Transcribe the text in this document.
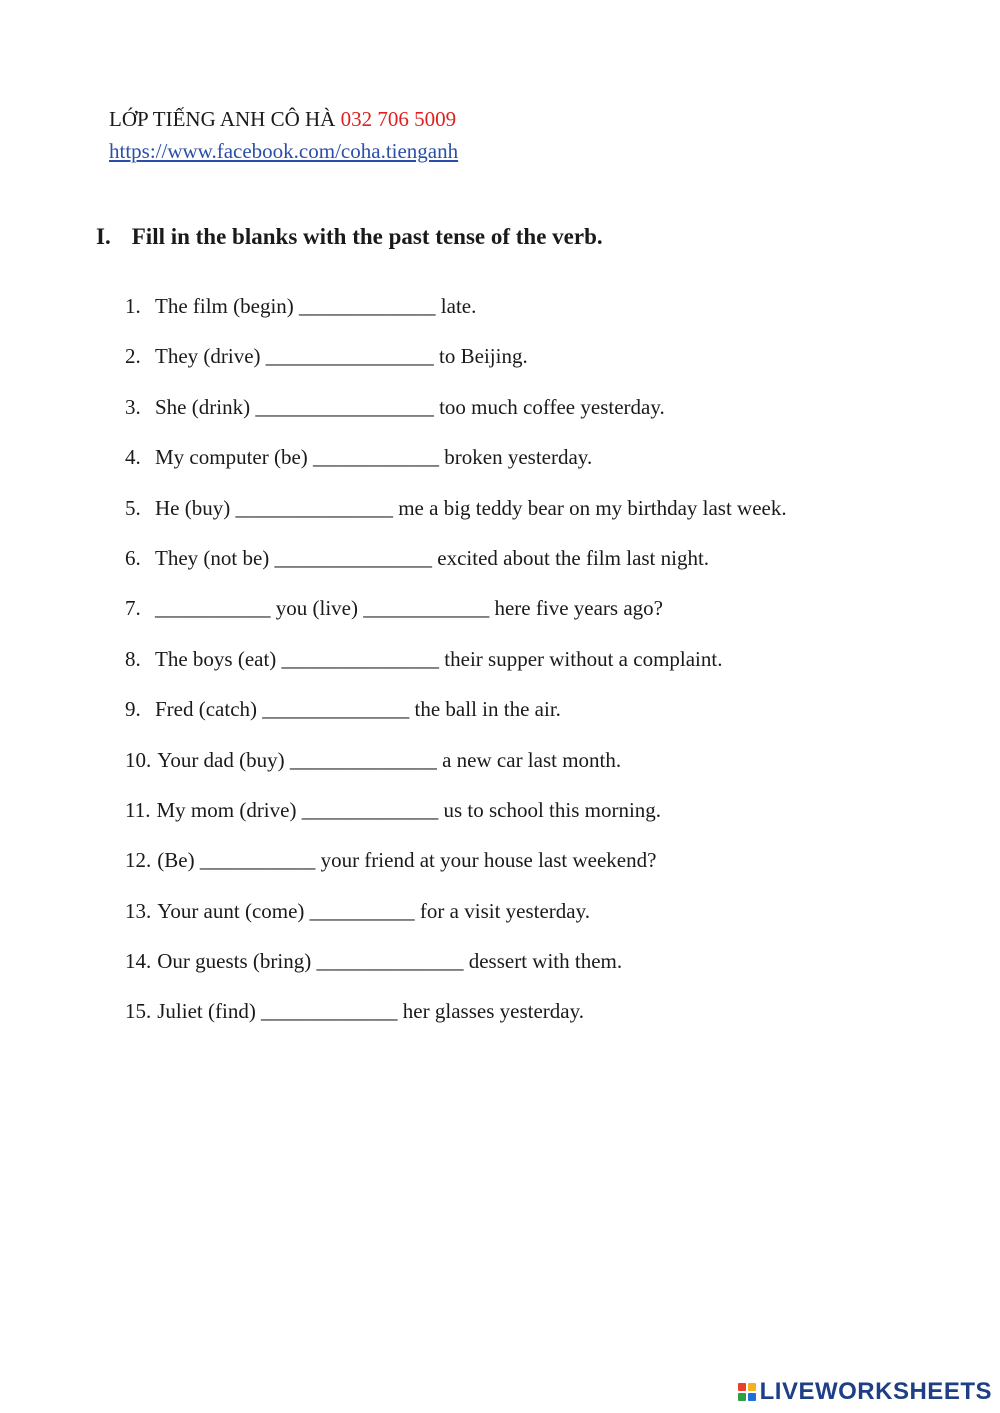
LỚP TIẾNG ANH CÔ HÀ 032 706 5009
https://www.facebook.com/coha.tienganh
I. Fill in the blanks with the past tense of the verb.
1. The film (begin) _____________ late.
2. They (drive) ________________ to Beijing.
3. She (drink) _________________ too much coffee yesterday.
4. My computer (be) ____________ broken yesterday.
5. He (buy) _______________ me a big teddy bear on my birthday last week.
6. They (not be) _______________ excited about the film last night.
7. ___________ you (live) ____________ here five years ago?
8. The boys (eat) _______________ their supper without a complaint.
9. Fred (catch) ______________ the ball in the air.
10. Your dad (buy) ______________ a new car last month.
11. My mom (drive) _____________ us to school this morning.
12. (Be) ___________ your friend at your house last weekend?
13. Your aunt (come) __________ for a visit yesterday.
14. Our guests (bring) ______________ dessert with them.
15. Juliet (find) _____________ her glasses yesterday.
LIVEWORKSHEETS
